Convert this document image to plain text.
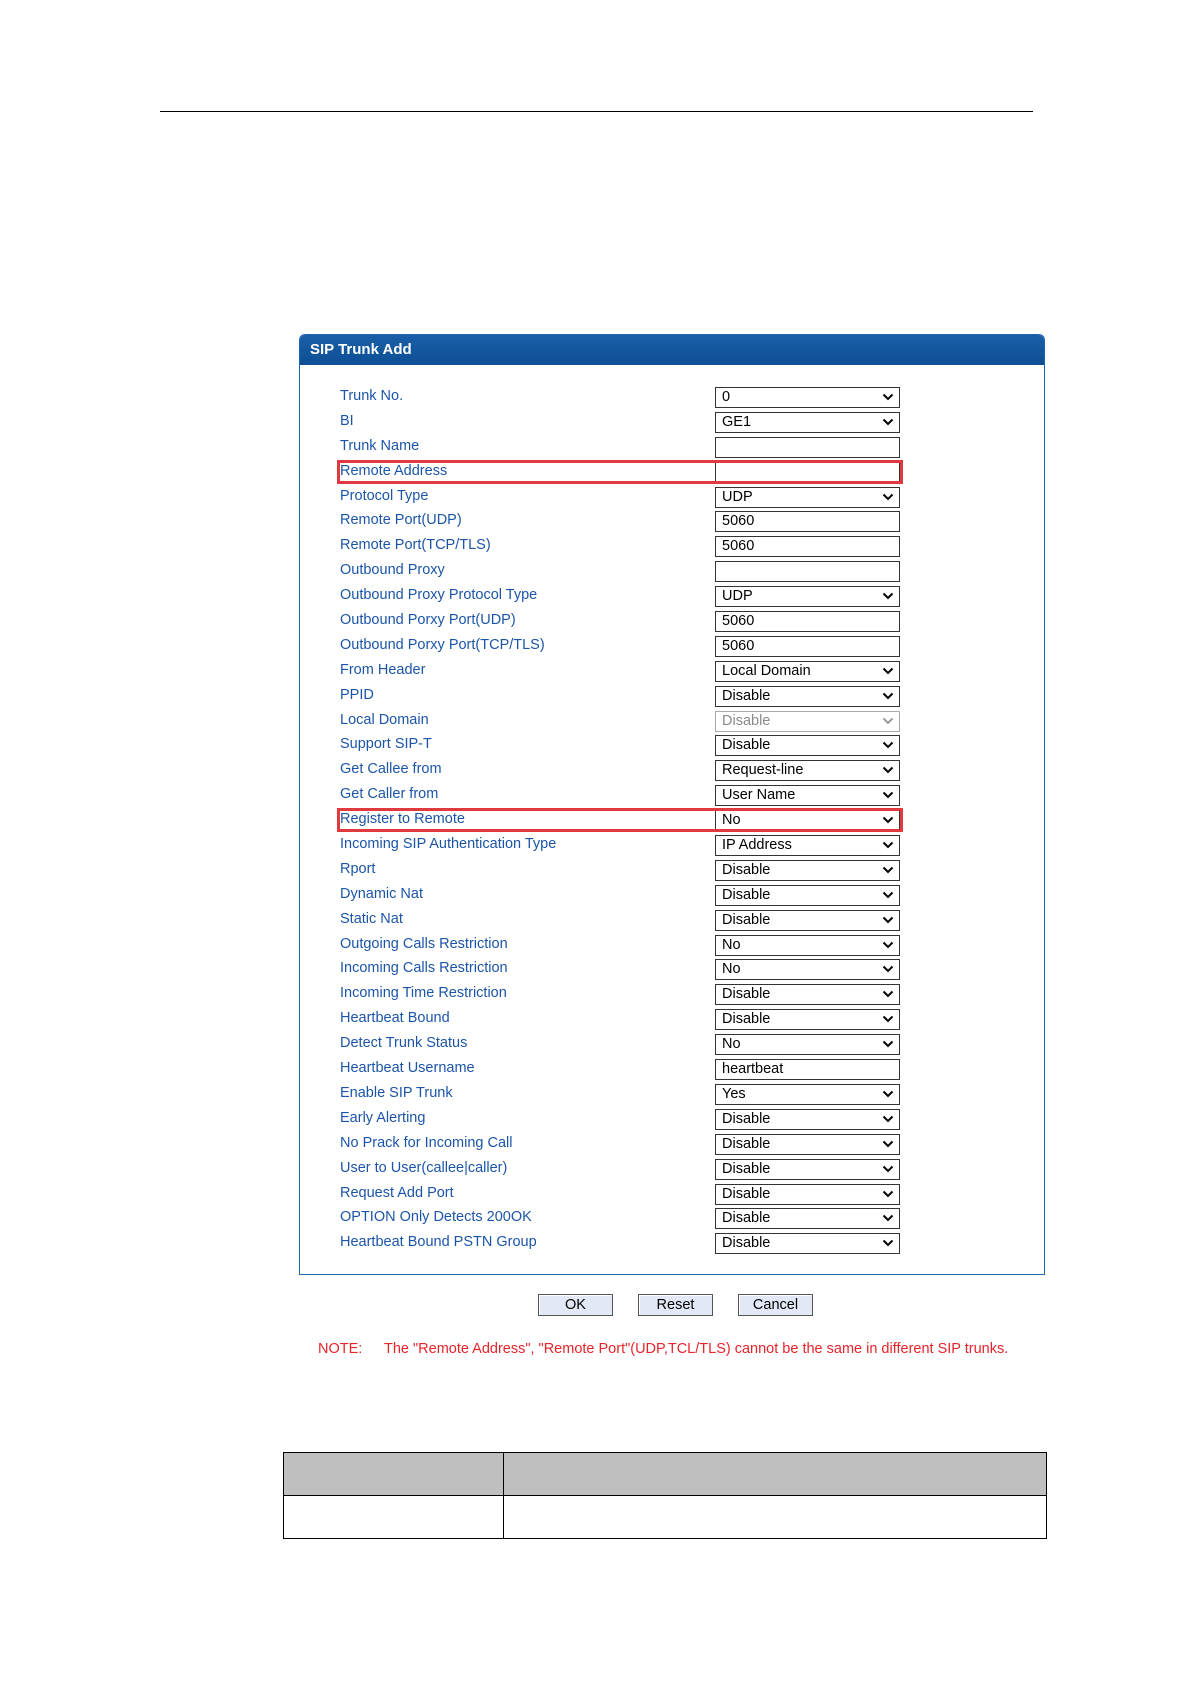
SIP Trunk Add
Trunk No.	0
BI	GE1
Trunk Name
Remote Address
Protocol Type	UDP
Remote Port(UDP)	5060
Remote Port(TCP/TLS)	5060
Outbound Proxy
Outbound Proxy Protocol Type	UDP
Outbound Porxy Port(UDP)	5060
Outbound Porxy Port(TCP/TLS)	5060
From Header	Local Domain
PPID	Disable
Local Domain	Disable
Support SIP-T	Disable
Get Callee from	Request-line
Get Caller from	User Name
Register to Remote	No
Incoming SIP Authentication Type	IP Address
Rport	Disable
Dynamic Nat	Disable
Static Nat	Disable
Outgoing Calls Restriction	No
Incoming Calls Restriction	No
Incoming Time Restriction	Disable
Heartbeat Bound	Disable
Detect Trunk Status	No
Heartbeat Username	heartbeat
Enable SIP Trunk	Yes
Early Alerting	Disable
No Prack for Incoming Call	Disable
User to User(callee|caller)	Disable
Request Add Port	Disable
OPTION Only Detects 200OK	Disable
Heartbeat Bound PSTN Group	Disable
OK	Reset	Cancel
NOTE: The "Remote Address", "Remote Port"(UDP,TCL/TLS) cannot be the same in different SIP trunks.
